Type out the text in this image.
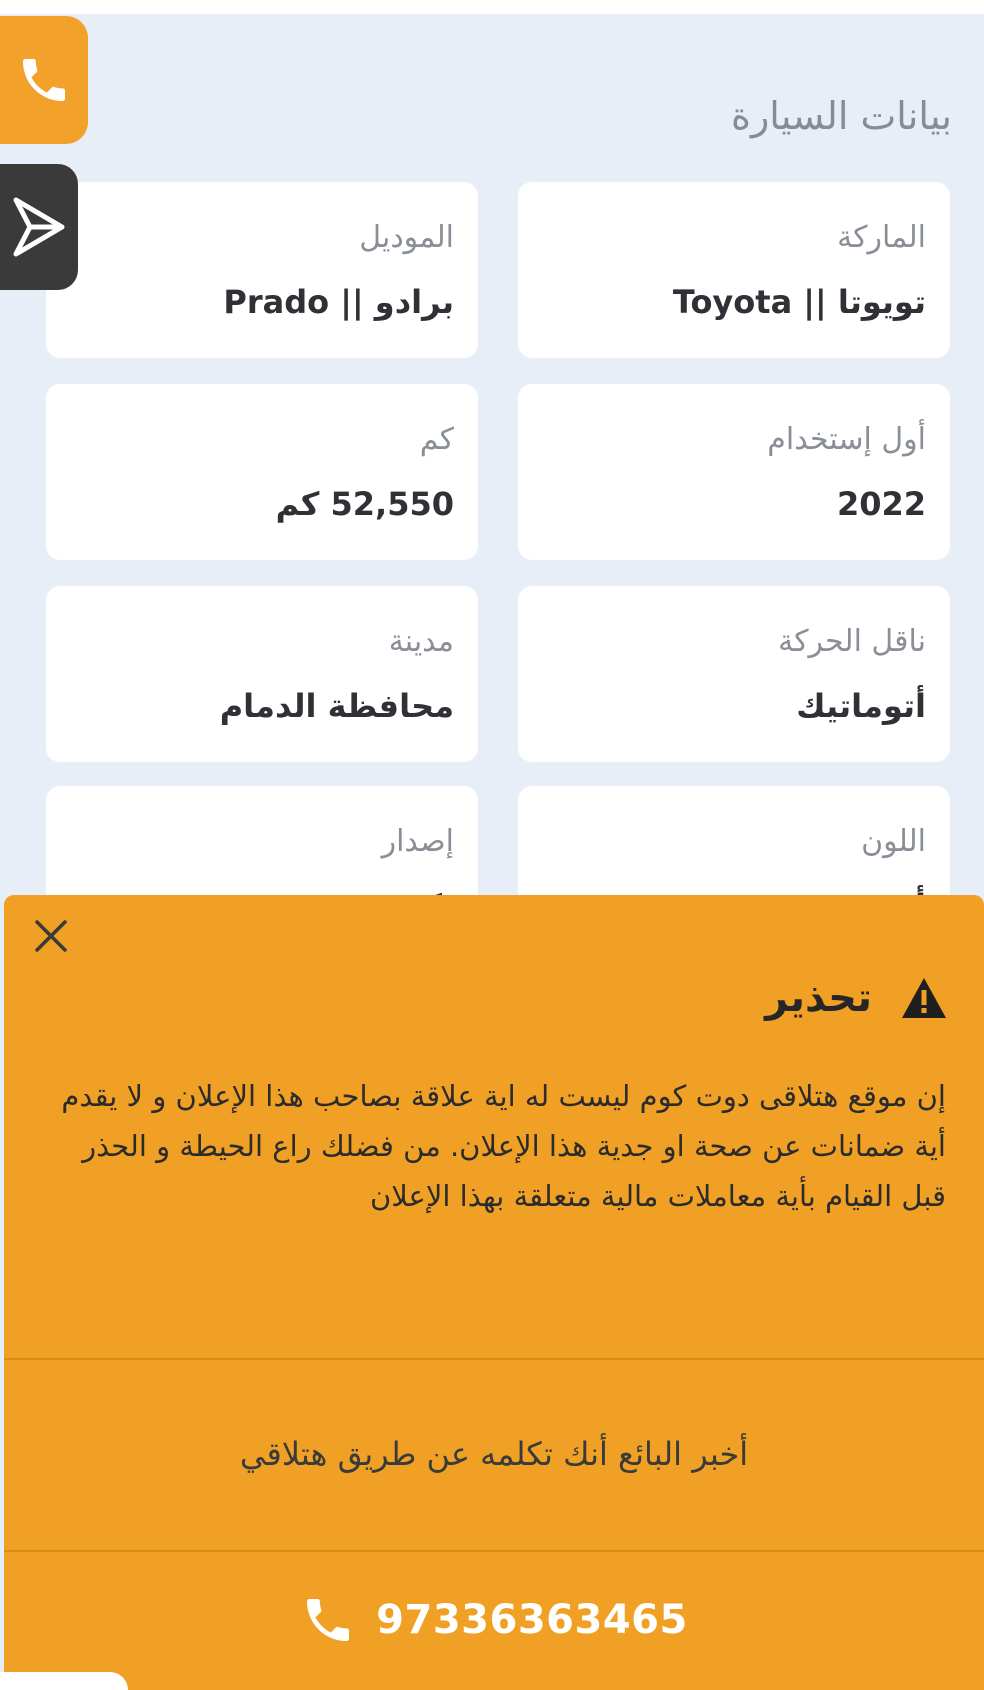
بيانات السيارة
الماركة
تويوتا || Toyota
الموديل
برادو || Prado
أول إستخدام
2022
كم
52,550 كم
ناقل الحركة
أتوماتيك
مدينة
محافظة الدمام
اللون
إصدار
تحذير

إن موقع هتلاقى دوت كوم ليست له اية علاقة بصاحب هذا الإعلان و لا يقدم أية ضمانات عن صحة او جدية هذا الإعلان. من فضلك راع الحيطة و الحذر قبل القيام بأية معاملات مالية متعلقة بهذا الإعلان

أخبر البائع أنك تكلمه عن طريق هتلاقي
97336363465
